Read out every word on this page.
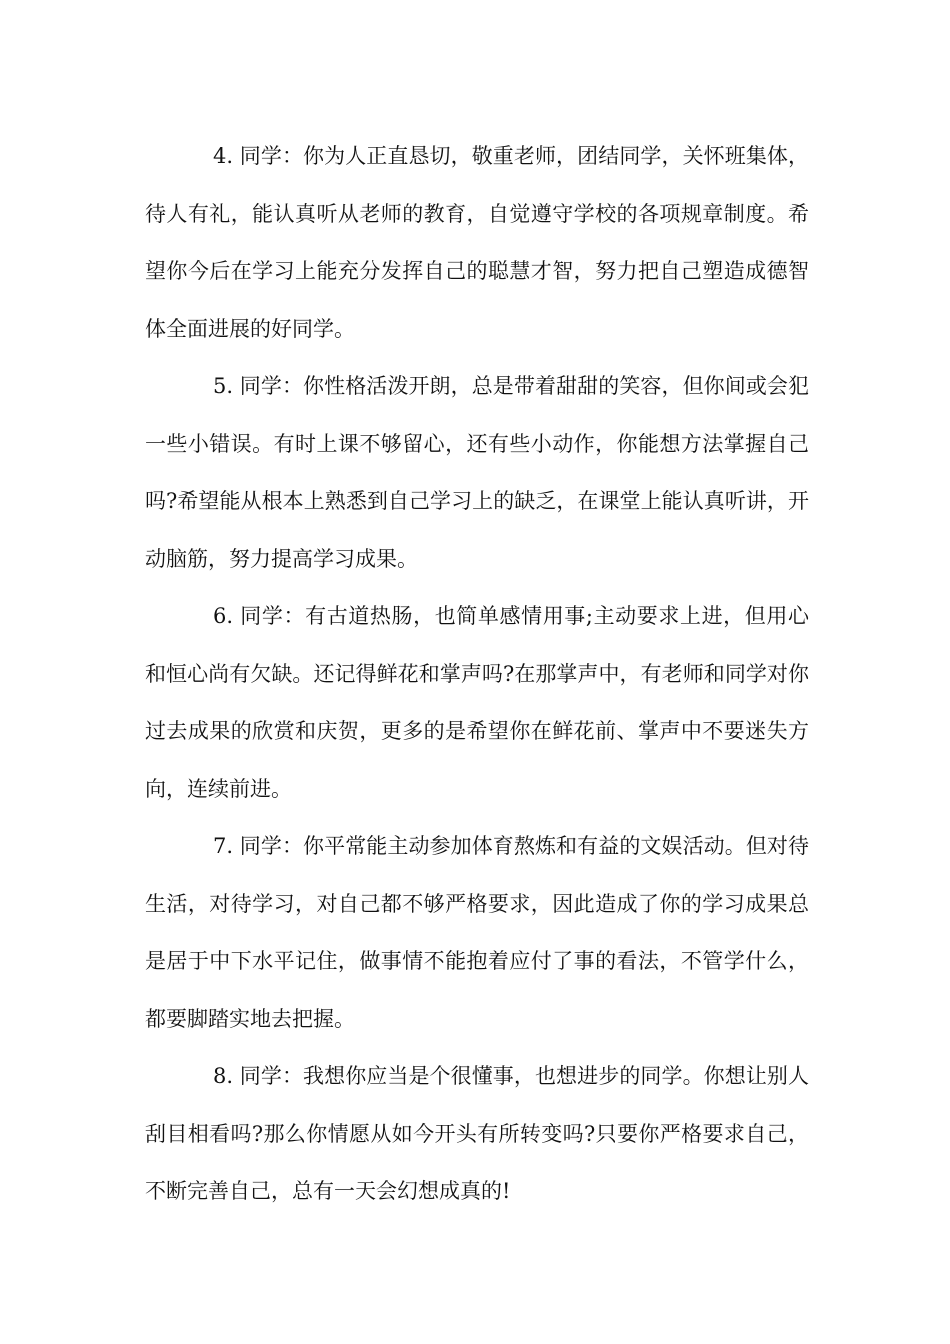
4. 同学：你为人正直恳切，敬重老师，团结同学，关怀班集体，待人有礼，能认真听从老师的教育，自觉遵守学校的各项规章制度。希望你今后在学习上能充分发挥自己的聪慧才智，努力把自己塑造成德智体全面进展的好同学。

5. 同学：你性格活泼开朗，总是带着甜甜的笑容，但你间或会犯一些小错误。有时上课不够留心，还有些小动作，你能想方法掌握自己吗?希望能从根本上熟悉到自己学习上的缺乏，在课堂上能认真听讲，开动脑筋，努力提高学习成果。

6. 同学：有古道热肠，也简单感情用事;主动要求上进，但用心和恒心尚有欠缺。还记得鲜花和掌声吗?在那掌声中，有老师和同学对你过去成果的欣赏和庆贺，更多的是希望你在鲜花前、掌声中不要迷失方向，连续前进。

7. 同学：你平常能主动参加体育熬炼和有益的文娱活动。但对待生活，对待学习，对自己都不够严格要求，因此造成了你的学习成果总是居于中下水平记住，做事情不能抱着应付了事的看法，不管学什么，都要脚踏实地去把握。

8. 同学：我想你应当是个很懂事，也想进步的同学。你想让别人刮目相看吗?那么你情愿从如今开头有所转变吗?只要你严格要求自己，不断完善自己，总有一天会幻想成真的!
